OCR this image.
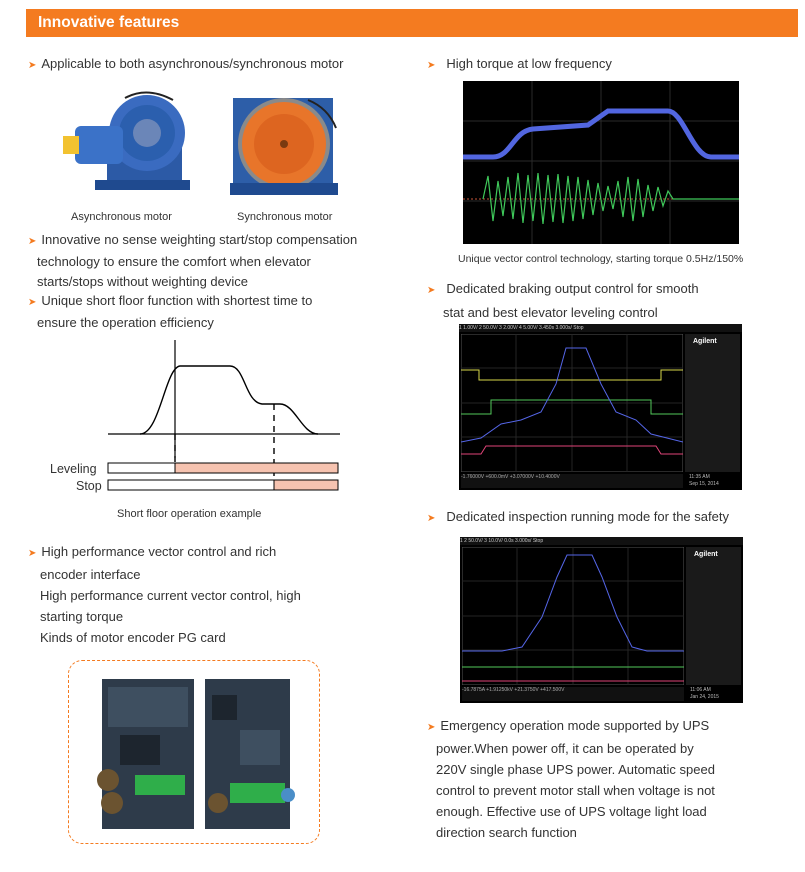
Innovative features
➤ Applicable to both asynchronous/synchronous motor
Asynchronous motor	Synchronous motor
➤ Innovative no sense weighting start/stop compensation
technology to ensure the comfort when elevator
starts/stops without weighting device
➤ Unique short floor function with shortest time to
ensure the operation efficiency
Leveling
Stop
Short floor operation example
➤ High performance vector control and rich
encoder interface
High performance current vector control, high
starting torque
Kinds of motor encoder PG card
➤ High torque at low frequency
Unique vector control technology, starting torque 0.5Hz/150%
➤ Dedicated braking output control for smooth
stat and best elevator leveling control
1 1.00V/ 2 50.0V/ 3 2.00V/ 4 5.00V/ 3.450s 3.000s/ Stop
Agilent
-1.76000V +600.0mV +3.07000V +10.4000V	11:35 AM
Sep 15, 2014
➤ Dedicated inspection running mode for the safety
1 2 50.0V/ 3 10.0V/ 0.0s 3.000s/ Stop
Agilent
-16.7875A +1.91250kV +21.3750V +417.500V	11:06 AM
Jan 24, 2015
➤ Emergency operation mode supported by UPS
power.When power off, it can be operated by
220V single phase UPS power. Automatic speed
control to prevent motor stall when voltage is not
enough. Effective use of UPS voltage light load
direction search function
